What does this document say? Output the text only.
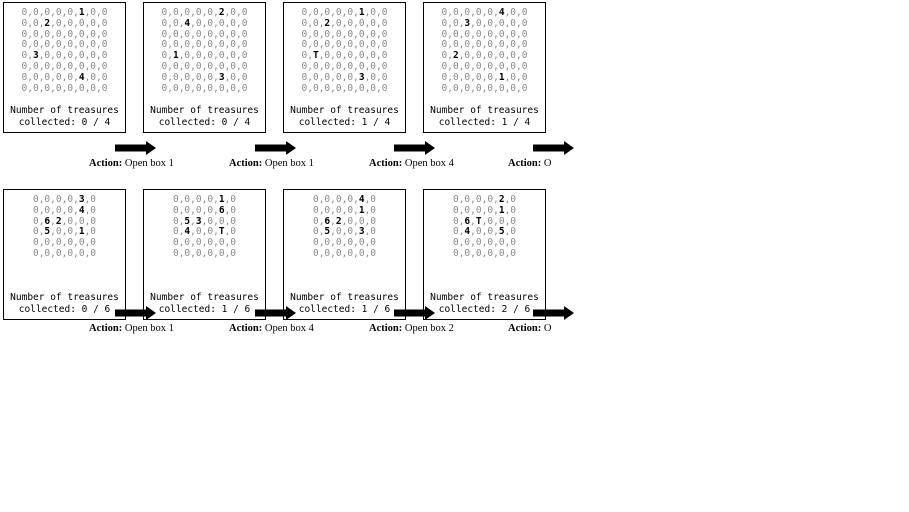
0,0,0,0,0,1,0,0
0,0,2,0,0,0,0,0
0,0,0,0,0,0,0,0
0,0,0,0,0,0,0,0
0,3,0,0,0,0,0,0
0,0,0,0,0,0,0,0
0,0,0,0,0,4,0,0
0,0,0,0,0,0,0,0
Number of treasures
collected: 0 / 4
0,0,0,0,0,2,0,0
0,0,4,0,0,0,0,0
0,0,0,0,0,0,0,0
0,0,0,0,0,0,0,0
0,1,0,0,0,0,0,0
0,0,0,0,0,0,0,0
0,0,0,0,0,3,0,0
0,0,0,0,0,0,0,0
Number of treasures
collected: 0 / 4
0,0,0,0,0,1,0,0
0,0,2,0,0,0,0,0
0,0,0,0,0,0,0,0
0,0,0,0,0,0,0,0
0,T,0,0,0,0,0,0
0,0,0,0,0,0,0,0
0,0,0,0,0,3,0,0
0,0,0,0,0,0,0,0
Number of treasures
collected: 1 / 4
0,0,0,0,0,4,0,0
0,0,3,0,0,0,0,0
0,0,0,0,0,0,0,0
0,0,0,0,0,0,0,0
0,2,0,0,0,0,0,0
0,0,0,0,0,0,0,0
0,0,0,0,0,1,0,0
0,0,0,0,0,0,0,0
Number of treasures
collected: 1 / 4
Action: Open box 1	Action: Open box 1	Action: Open box 4	Action: O
0,0,0,0,3,0
0,0,0,0,4,0
0,6,2,0,0,0
0,5,0,0,1,0
0,0,0,0,0,0
0,0,0,0,0,0
Number of treasures
collected: 0 / 6
0,0,0,0,1,0
0,0,0,0,6,0
0,5,3,0,0,0
0,4,0,0,T,0
0,0,0,0,0,0
0,0,0,0,0,0
Number of treasures
collected: 1 / 6
0,0,0,0,4,0
0,0,0,0,1,0
0,6,2,0,0,0
0,5,0,0,3,0
0,0,0,0,0,0
0,0,0,0,0,0
Number of treasures
collected: 1 / 6
0,0,0,0,2,0
0,0,0,0,1,0
0,6,T,0,0,0
0,4,0,0,5,0
0,0,0,0,0,0
0,0,0,0,0,0
Number of treasures
collected: 2 / 6
Action: Open box 1	Action: Open box 4	Action: Open box 2	Action: O
